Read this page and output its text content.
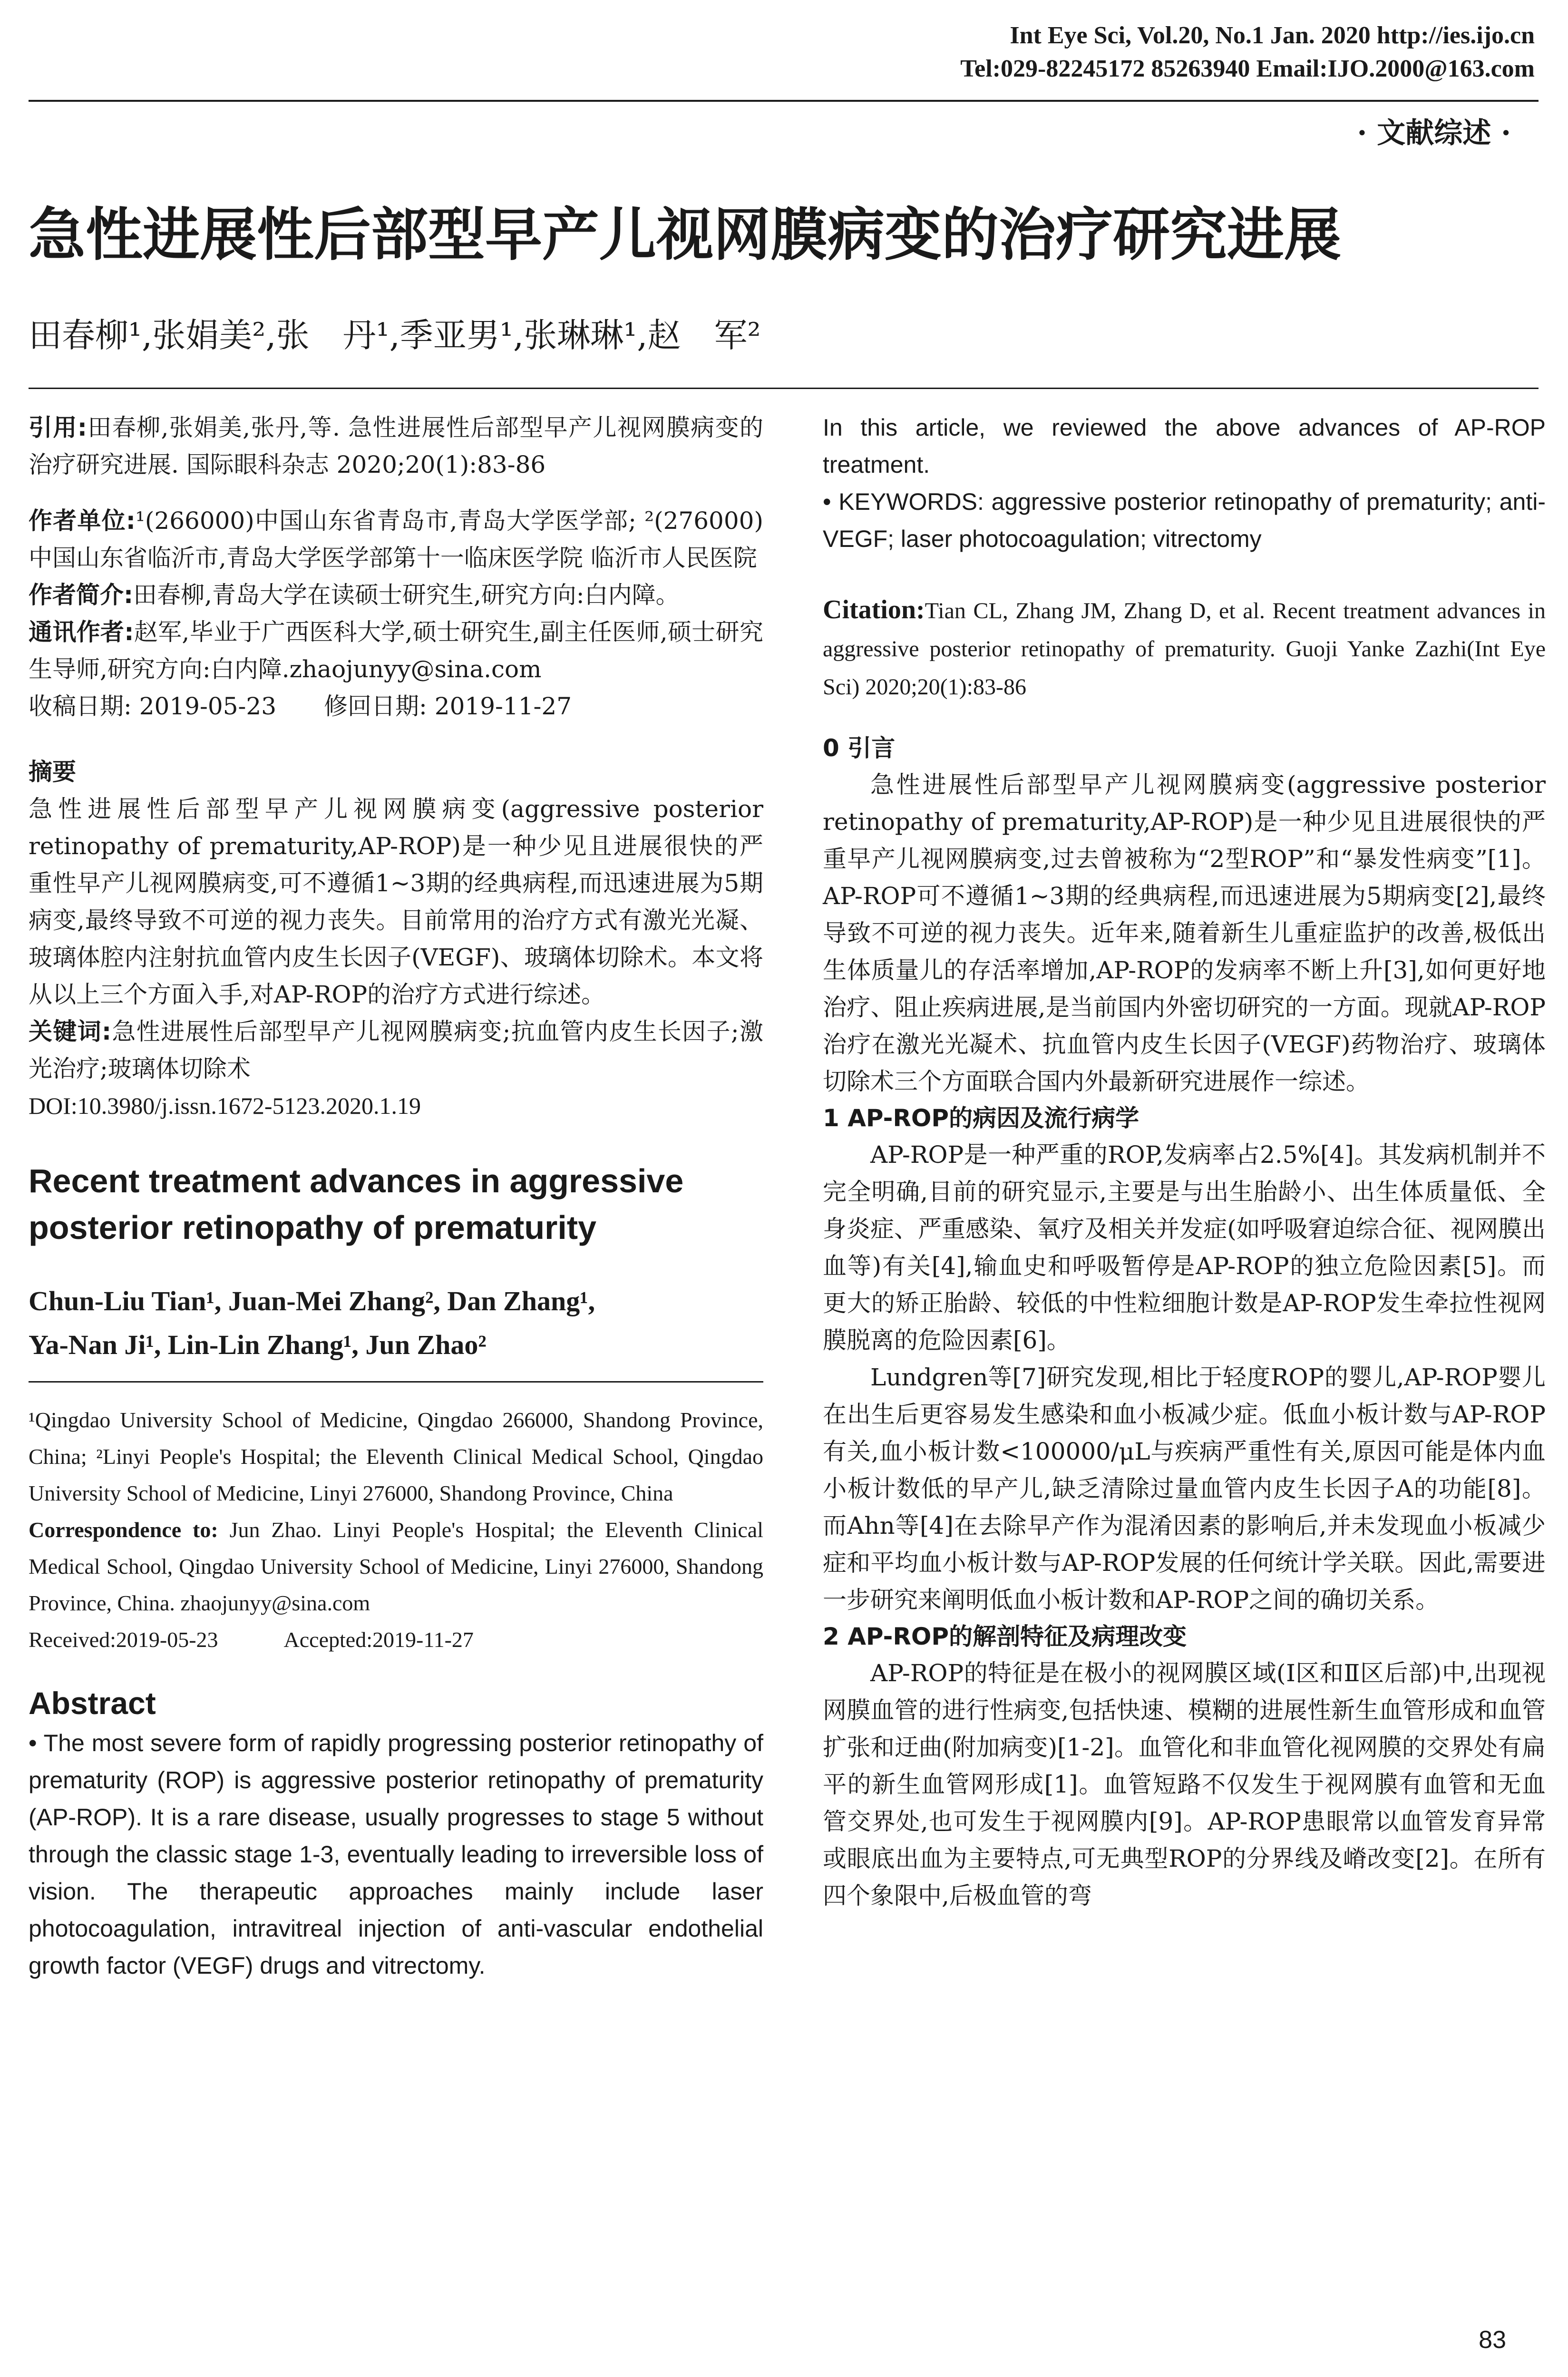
Int Eye Sci, Vol.20, No.1 Jan. 2020 http://ies.ijo.cn
Tel:029-82245172 85263940 Email:IJO.2000@163.com
· 文献综述 ·
急性进展性后部型早产儿视网膜病变的治疗研究进展
田春柳¹,张娟美²,张　丹¹,季亚男¹,张琳琳¹,赵　军²

引用:田春柳,张娟美,张丹,等. 急性进展性后部型早产儿视网膜病变的治疗研究进展. 国际眼科杂志 2020;20(1):83-86

作者单位:¹(266000)中国山东省青岛市,青岛大学医学部; ²(276000)中国山东省临沂市,青岛大学医学部第十一临床医学院 临沂市人民医院

作者简介:田春柳,青岛大学在读硕士研究生,研究方向:白内障。

通讯作者:赵军,毕业于广西医科大学,硕士研究生,副主任医师,硕士研究生导师,研究方向:白内障.zhaojunyy@sina.com

收稿日期: 2019-05-23　　修回日期: 2019-11-27

摘要

急性进展性后部型早产儿视网膜病变(aggressive posterior retinopathy of prematurity,AP-ROP)是一种少见且进展很快的严重性早产儿视网膜病变,可不遵循1~3期的经典病程,而迅速进展为5期病变,最终导致不可逆的视力丧失。目前常用的治疗方式有激光光凝、玻璃体腔内注射抗血管内皮生长因子(VEGF)、玻璃体切除术。本文将从以上三个方面入手,对AP-ROP的治疗方式进行综述。

关键词:急性进展性后部型早产儿视网膜病变;抗血管内皮生长因子;激光治疗;玻璃体切除术

DOI:10.3980/j.issn.1672-5123.2020.1.19

Recent treatment advances in aggressive posterior retinopathy of prematurity

Chun-Liu Tian¹, Juan-Mei Zhang², Dan Zhang¹,

Ya-Nan Ji¹, Lin-Lin Zhang¹, Jun Zhao²

¹Qingdao University School of Medicine, Qingdao 266000, Shandong Province, China; ²Linyi People's Hospital; the Eleventh Clinical Medical School, Qingdao University School of Medicine, Linyi 276000, Shandong Province, China

Correspondence to: Jun Zhao. Linyi People's Hospital; the Eleventh Clinical Medical School, Qingdao University School of Medicine, Linyi 276000, Shandong Province, China. zhaojunyy@sina.com

Received:2019-05-23　　　Accepted:2019-11-27

Abstract

• The most severe form of rapidly progressing posterior retinopathy of prematurity (ROP) is aggressive posterior retinopathy of prematurity (AP-ROP). It is a rare disease, usually progresses to stage 5 without through the classic stage 1-3, eventually leading to irreversible loss of vision. The therapeutic approaches mainly include laser photocoagulation, intravitreal injection of anti-vascular endothelial growth factor (VEGF) drugs and vitrectomy.

In this article, we reviewed the above advances of AP-ROP treatment.

• KEYWORDS: aggressive posterior retinopathy of prematurity; anti-VEGF; laser photocoagulation; vitrectomy

Citation:Tian CL, Zhang JM, Zhang D, et al. Recent treatment advances in aggressive posterior retinopathy of prematurity. Guoji Yanke Zazhi(Int Eye Sci) 2020;20(1):83-86

0 引言

急性进展性后部型早产儿视网膜病变(aggressive posterior retinopathy of prematurity,AP-ROP)是一种少见且进展很快的严重早产儿视网膜病变,过去曾被称为“2型ROP”和“暴发性病变”[1]。AP-ROP可不遵循1~3期的经典病程,而迅速进展为5期病变[2],最终导致不可逆的视力丧失。近年来,随着新生儿重症监护的改善,极低出生体质量儿的存活率增加,AP-ROP的发病率不断上升[3],如何更好地治疗、阻止疾病进展,是当前国内外密切研究的一方面。现就AP-ROP治疗在激光光凝术、抗血管内皮生长因子(VEGF)药物治疗、玻璃体切除术三个方面联合国内外最新研究进展作一综述。

1 AP-ROP的病因及流行病学

AP-ROP是一种严重的ROP,发病率占2.5%[4]。其发病机制并不完全明确,目前的研究显示,主要是与出生胎龄小、出生体质量低、全身炎症、严重感染、氧疗及相关并发症(如呼吸窘迫综合征、视网膜出血等)有关[4],输血史和呼吸暂停是AP-ROP的独立危险因素[5]。而更大的矫正胎龄、较低的中性粒细胞计数是AP-ROP发生牵拉性视网膜脱离的危险因素[6]。

Lundgren等[7]研究发现,相比于轻度ROP的婴儿,AP-ROP婴儿在出生后更容易发生感染和血小板减少症。低血小板计数与AP-ROP有关,血小板计数<100000/μL与疾病严重性有关,原因可能是体内血小板计数低的早产儿,缺乏清除过量血管内皮生长因子A的功能[8]。而Ahn等[4]在去除早产作为混淆因素的影响后,并未发现血小板减少症和平均血小板计数与AP-ROP发展的任何统计学关联。因此,需要进一步研究来阐明低血小板计数和AP-ROP之间的确切关系。

2 AP-ROP的解剖特征及病理改变

AP-ROP的特征是在极小的视网膜区域(Ⅰ区和Ⅱ区后部)中,出现视网膜血管的进行性病变,包括快速、模糊的进展性新生血管形成和血管扩张和迂曲(附加病变)[1-2]。血管化和非血管化视网膜的交界处有扁平的新生血管网形成[1]。血管短路不仅发生于视网膜有血管和无血管交界处,也可发生于视网膜内[9]。AP-ROP患眼常以血管发育异常或眼底出血为主要特点,可无典型ROP的分界线及嵴改变[2]。在所有四个象限中,后极血管的弯

83
